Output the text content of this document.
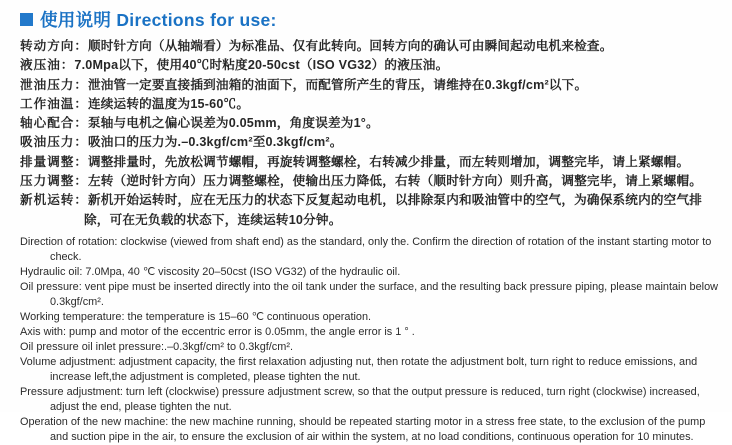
使用说明 Directions for use:
转动方向：顺时针方向（从轴端看）为标准品、仅有此转向。回转方向的确认可由瞬间起动电机来检查。
液压油：7.0Mpa以下，使用40℃时粘度20-50cst（ISO VG32）的液压油。
泄油压力：泄油管一定要直接插到油箱的油面下，而配管所产生的背压，请维持在0.3kgf/cm²以下。
工作油温：连续运转的温度为15-60℃。
轴心配合：泵轴与电机之偏心误差为0.05mm，角度误差为1°。
吸油压力：吸油口的压力为.–0.3kgf/cm²至0.3kgf/cm²。
排量调整：调整排量时，先放松调节螺帽，再旋转调整螺栓，右转减少排量，而左转则增加，调整完毕，请上紧螺帽。
压力调整：左转（逆时针方向）压力调整螺栓，使输出压力降低，右转（顺时针方向）则升高，调整完毕，请上紧螺帽。
新机运转：新机开始运转时，应在无压力的状态下反复起动电机，以排除泵内和吸油管中的空气，为确保系统内的空气排除，可在无负载的状态下，连续运转10分钟。
Direction of rotation: clockwise (viewed from shaft end) as the standard, only the. Confirm the direction of rotation of the instant starting motor to check.
Hydraulic oil: 7.0Mpa, 40 ℃ viscosity 20–50cst (ISO VG32) of the hydraulic oil.
Oil pressure: vent pipe must be inserted directly into the oil tank under the surface, and the resulting back pressure piping, please maintain below 0.3kgf/cm².
Working temperature: the temperature is 15–60 ℃ continuous operation.
Axis with: pump and motor of the eccentric error is 0.05mm, the angle error is 1 ° .
Oil pressure oil inlet pressure:.–0.3kgf/cm² to 0.3kgf/cm².
Volume adjustment: adjustment capacity, the first relaxation adjusting nut, then rotate the adjustment bolt, turn right to reduce emissions, and increase left,the adjustment is completed, please tighten the nut.
Pressure adjustment: turn left (clockwise) pressure adjustment screw, so that the output pressure is reduced, turn right (clockwise) increased, adjust the end, please tighten the nut.
Operation of the new machine: the new machine running, should be repeated starting motor in a stress free state, to the exclusion of the pump and suction pipe in the air, to ensure the exclusion of air within the system, at no load conditions, continuous operation for 10 minutes.
